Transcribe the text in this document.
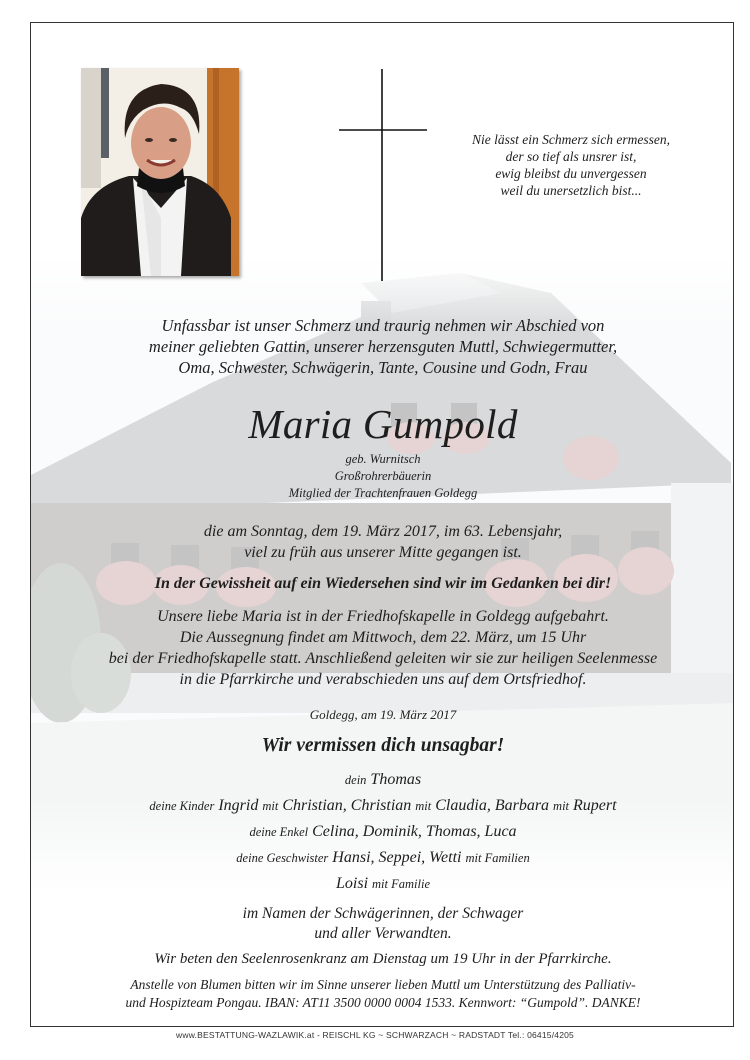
Nie lässt ein Schmerz sich ermessen,
der so tief als unsrer ist,
ewig bleibst du unvergessen
weil du unersetzlich bist...
Unfassbar ist unser Schmerz und traurig nehmen wir Abschied von
meiner geliebten Gattin, unserer herzensguten Muttl, Schwiegermutter,
Oma, Schwester, Schwägerin, Tante, Cousine und Godn, Frau
Maria Gumpold
geb. Wurnitsch
Großrohrerbäuerin
Mitglied der Trachtenfrauen Goldegg
die am Sonntag, dem 19. März 2017, im 63. Lebensjahr,
viel zu früh aus unserer Mitte gegangen ist.
In der Gewissheit auf ein Wiedersehen sind wir im Gedanken bei dir!
Unsere liebe Maria ist in der Friedhofskapelle in Goldegg aufgebahrt.
Die Aussegnung findet am Mittwoch, dem 22. März, um 15 Uhr
bei der Friedhofskapelle statt. Anschließend geleiten wir sie zur heiligen Seelenmesse
in die Pfarrkirche und verabschieden uns auf dem Ortsfriedhof.
Goldegg, am 19. März 2017
Wir vermissen dich unsagbar!
dein Thomas
deine Kinder Ingrid mit Christian, Christian mit Claudia, Barbara mit Rupert
deine Enkel Celina, Dominik, Thomas, Luca
deine Geschwister Hansi, Seppei, Wetti mit Familien
Loisi mit Familie
im Namen der Schwägerinnen, der Schwager
und aller Verwandten.
Wir beten den Seelenrosenkranz am Dienstag um 19 Uhr in der Pfarrkirche.
Anstelle von Blumen bitten wir im Sinne unserer lieben Muttl um Unterstützung des Palliativ-
und Hospizteam Pongau. IBAN: AT11 3500 0000 0004 1533. Kennwort: “Gumpold”. DANKE!
www.BESTATTUNG-WAZLAWIK.at - REISCHL KG ~ SCHWARZACH ~ RADSTADT Tel.: 06415/4205
